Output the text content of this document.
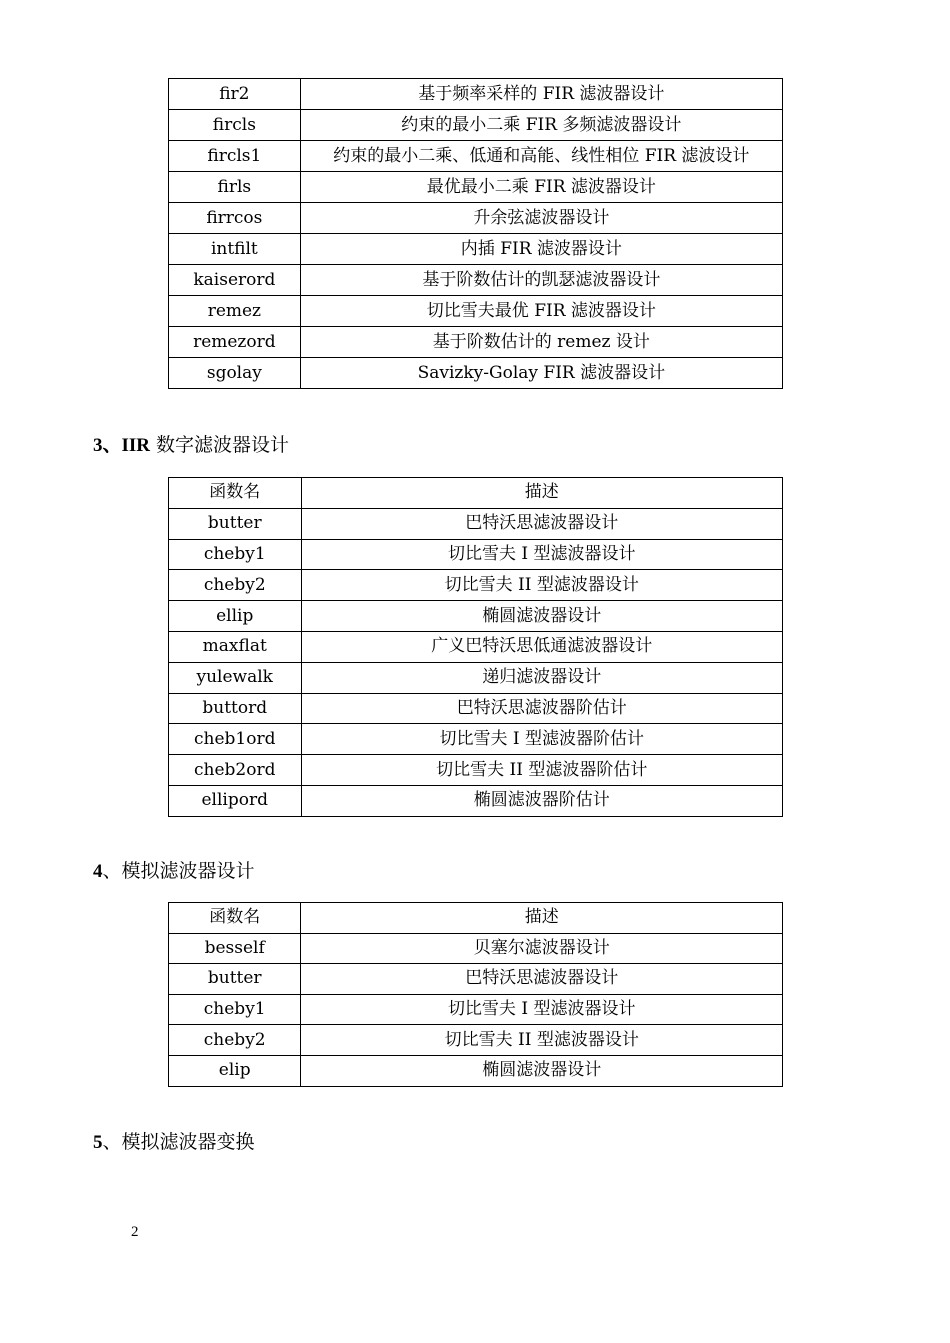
fir2	基于频率采样的 FIR 滤波器设计
fircls	约束的最小二乘 FIR 多频滤波器设计
fircls1	约束的最小二乘、低通和高能、线性相位 FIR 滤波设计
firls	最优最小二乘 FIR 滤波器设计
firrcos	升余弦滤波器设计
intfilt	内插 FIR 滤波器设计
kaiserord	基于阶数估计的凯瑟滤波器设计
remez	切比雪夫最优 FIR 滤波器设计
remezord	基于阶数估计的 remez 设计
sgolay	Savizky-Golay FIR 滤波器设计
3、IIR 数字滤波器设计
函数名	描述
butter	巴特沃思滤波器设计
cheby1	切比雪夫 I 型滤波器设计
cheby2	切比雪夫 II 型滤波器设计
ellip	椭圆滤波器设计
maxflat	广义巴特沃思低通滤波器设计
yulewalk	递归滤波器设计
buttord	巴特沃思滤波器阶估计
cheb1ord	切比雪夫 I 型滤波器阶估计
cheb2ord	切比雪夫 II 型滤波器阶估计
ellipord	椭圆滤波器阶估计
4、模拟滤波器设计
函数名	描述
besself	贝塞尔滤波器设计
butter	巴特沃思滤波器设计
cheby1	切比雪夫 I 型滤波器设计
cheby2	切比雪夫 II 型滤波器设计
elip	椭圆滤波器设计
5、模拟滤波器变换
2
